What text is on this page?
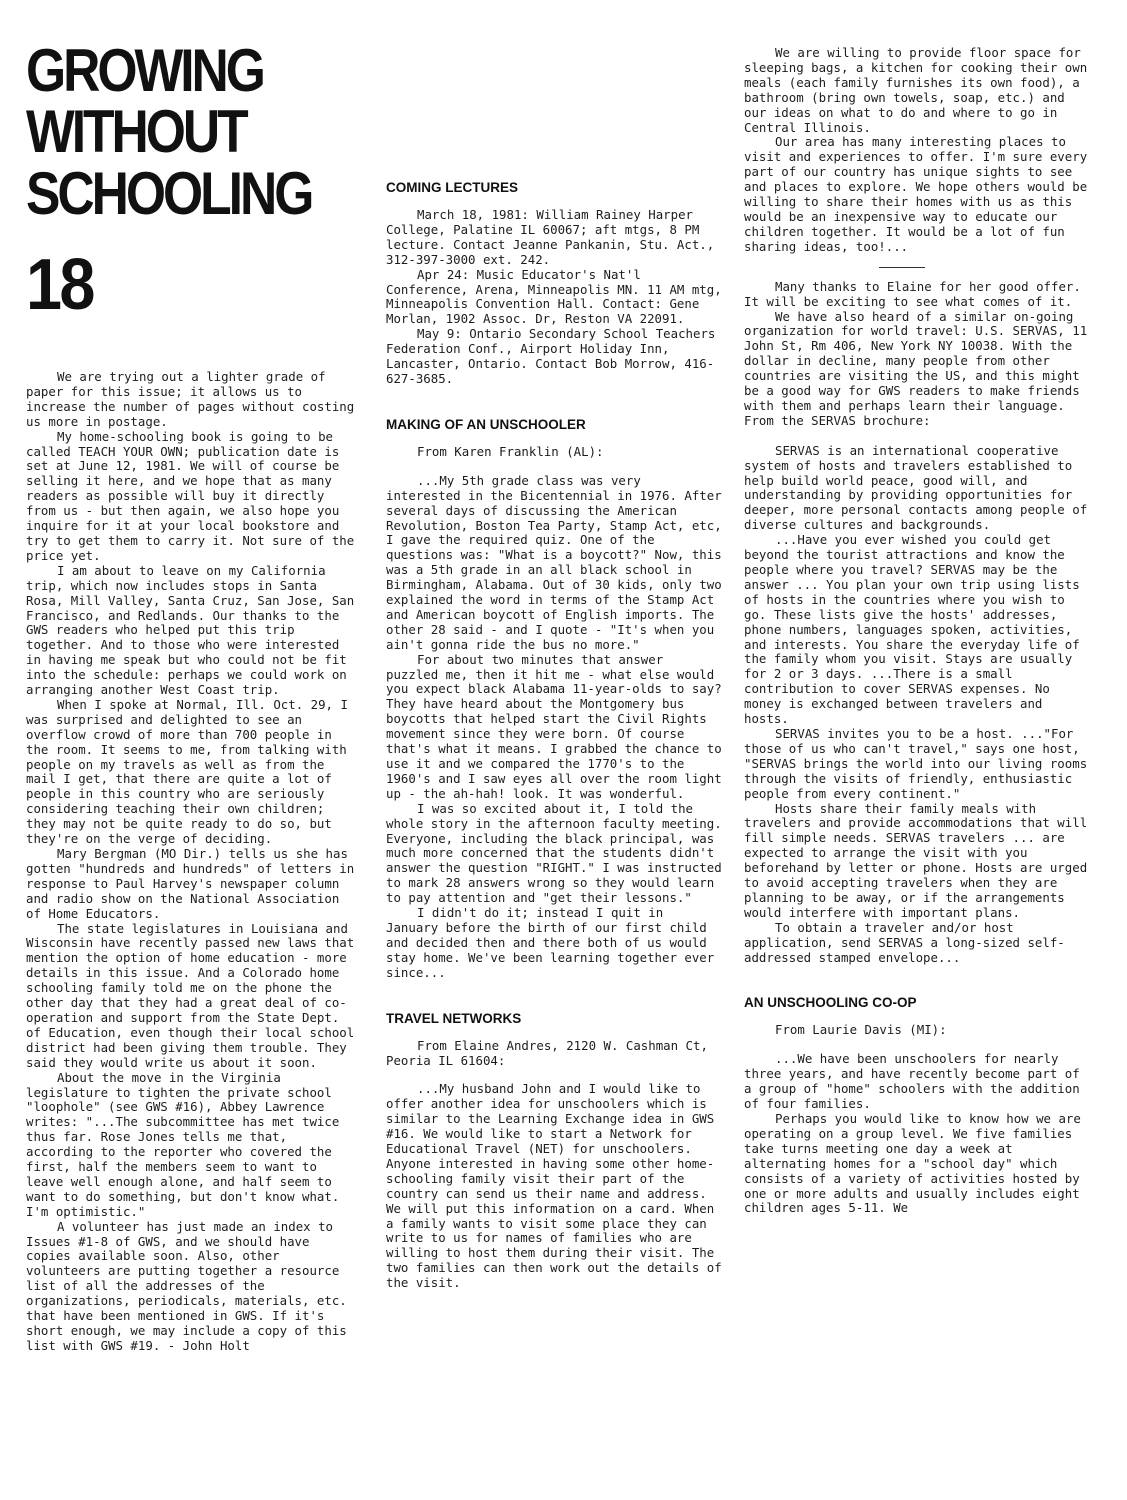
GROWING
WITHOUT
SCHOOLING
18

We are trying out a lighter grade of paper for this issue; it allows us to increase the number of pages without costing us more in postage.

My home-schooling book is going to be called TEACH YOUR OWN; publication date is set at June 12, 1981. We will of course be selling it here, and we hope that as many readers as possible will buy it directly from us - but then again, we also hope you inquire for it at your local bookstore and try to get them to carry it. Not sure of the price yet.

I am about to leave on my California trip, which now includes stops in Santa Rosa, Mill Valley, Santa Cruz, San Jose, San Francisco, and Redlands. Our thanks to the GWS readers who helped put this trip together. And to those who were interested in having me speak but who could not be fit into the schedule: perhaps we could work on arranging another West Coast trip.

When I spoke at Normal, Ill. Oct. 29, I was surprised and delighted to see an overflow crowd of more than 700 people in the room. It seems to me, from talking with people on my travels as well as from the mail I get, that there are quite a lot of people in this country who are seriously considering teaching their own children; they may not be quite ready to do so, but they're on the verge of deciding.

Mary Bergman (MO Dir.) tells us she has gotten "hundreds and hundreds" of letters in response to Paul Harvey's newspaper column and radio show on the National Association of Home Educators.

The state legislatures in Louisiana and Wisconsin have recently passed new laws that mention the option of home education - more details in this issue. And a Colorado home schooling family told me on the phone the other day that they had a great deal of co-operation and support from the State Dept. of Education, even though their local school district had been giving them trouble. They said they would write us about it soon.

About the move in the Virginia legislature to tighten the private school "loophole" (see GWS #16), Abbey Lawrence writes: "...The subcommittee has met twice thus far. Rose Jones tells me that, according to the reporter who covered the first, half the members seem to want to leave well enough alone, and half seem to want to do something, but don't know what. I'm optimistic."

A volunteer has just made an index to Issues #1-8 of GWS, and we should have copies available soon. Also, other volunteers are putting together a resource list of all the addresses of the organizations, periodicals, materials, etc. that have been mentioned in GWS. If it's short enough, we may include a copy of this list with GWS #19. - John Holt

COMING LECTURES

March 18, 1981: William Rainey Harper College, Palatine IL 60067; aft mtgs, 8 PM lecture. Contact Jeanne Pankanin, Stu. Act., 312-397-3000 ext. 242.

Apr 24: Music Educator's Nat'l Conference, Arena, Minneapolis MN. 11 AM mtg, Minneapolis Convention Hall. Contact: Gene Morlan, 1902 Assoc. Dr, Reston VA 22091.

May 9: Ontario Secondary School Teachers Federation Conf., Airport Holiday Inn, Lancaster, Ontario. Contact Bob Morrow, 416-627-3685.

MAKING OF AN UNSCHOOLER

From Karen Franklin (AL):

...My 5th grade class was very interested in the Bicentennial in 1976. After several days of discussing the American Revolution, Boston Tea Party, Stamp Act, etc, I gave the required quiz. One of the questions was: "What is a boycott?" Now, this was a 5th grade in an all black school in Birmingham, Alabama. Out of 30 kids, only two explained the word in terms of the Stamp Act and American boycott of English imports. The other 28 said - and I quote - "It's when you ain't gonna ride the bus no more."

For about two minutes that answer puzzled me, then it hit me - what else would you expect black Alabama 11-year-olds to say? They have heard about the Montgomery bus boycotts that helped start the Civil Rights movement since they were born. Of course that's what it means. I grabbed the chance to use it and we compared the 1770's to the 1960's and I saw eyes all over the room light up - the ah-hah! look. It was wonderful.

I was so excited about it, I told the whole story in the afternoon faculty meeting. Everyone, including the black principal, was much more concerned that the students didn't answer the question "RIGHT." I was instructed to mark 28 answers wrong so they would learn to pay attention and "get their lessons."

I didn't do it; instead I quit in January before the birth of our first child and decided then and there both of us would stay home. We've been learning together ever since...

TRAVEL NETWORKS

From Elaine Andres, 2120 W. Cashman Ct, Peoria IL 61604:

...My husband John and I would like to offer another idea for unschoolers which is similar to the Learning Exchange idea in GWS #16. We would like to start a Network for Educational Travel (NET) for unschoolers. Anyone interested in having some other home-schooling family visit their part of the country can send us their name and address. We will put this information on a card. When a family wants to visit some place they can write to us for names of families who are willing to host them during their visit. The two families can then work out the details of the visit.

We are willing to provide floor space for sleeping bags, a kitchen for cooking their own meals (each family furnishes its own food), a bathroom (bring own towels, soap, etc.) and our ideas on what to do and where to go in Central Illinois.

Our area has many interesting places to visit and experiences to offer. I'm sure every part of our country has unique sights to see and places to explore. We hope others would be willing to share their homes with us as this would be an inexpensive way to educate our children together. It would be a lot of fun sharing ideas, too!...

Many thanks to Elaine for her good offer. It will be exciting to see what comes of it.

We have also heard of a similar on-going organization for world travel: U.S. SERVAS, 11 John St, Rm 406, New York NY 10038. With the dollar in decline, many people from other countries are visiting the US, and this might be a good way for GWS readers to make friends with them and perhaps learn their language. From the SERVAS brochure:

SERVAS is an international cooperative system of hosts and travelers established to help build world peace, good will, and understanding by providing opportunities for deeper, more personal contacts among people of diverse cultures and backgrounds.

...Have you ever wished you could get beyond the tourist attractions and know the people where you travel? SERVAS may be the answer ... You plan your own trip using lists of hosts in the countries where you wish to go. These lists give the hosts' addresses, phone numbers, languages spoken, activities, and interests. You share the everyday life of the family whom you visit. Stays are usually for 2 or 3 days. ...There is a small contribution to cover SERVAS expenses. No money is exchanged between travelers and hosts.

SERVAS invites you to be a host. ..."For those of us who can't travel," says one host, "SERVAS brings the world into our living rooms through the visits of friendly, enthusiastic people from every continent."

Hosts share their family meals with travelers and provide accommodations that will fill simple needs. SERVAS travelers ... are expected to arrange the visit with you beforehand by letter or phone. Hosts are urged to avoid accepting travelers when they are planning to be away, or if the arrangements would interfere with important plans.

To obtain a traveler and/or host application, send SERVAS a long-sized self-addressed stamped envelope...

AN UNSCHOOLING CO-OP

From Laurie Davis (MI):

...We have been unschoolers for nearly three years, and have recently become part of a group of "home" schoolers with the addition of four families.

Perhaps you would like to know how we are operating on a group level. We five families take turns meeting one day a week at alternating homes for a "school day" which consists of a variety of activities hosted by one or more adults and usually includes eight children ages 5-11. We
